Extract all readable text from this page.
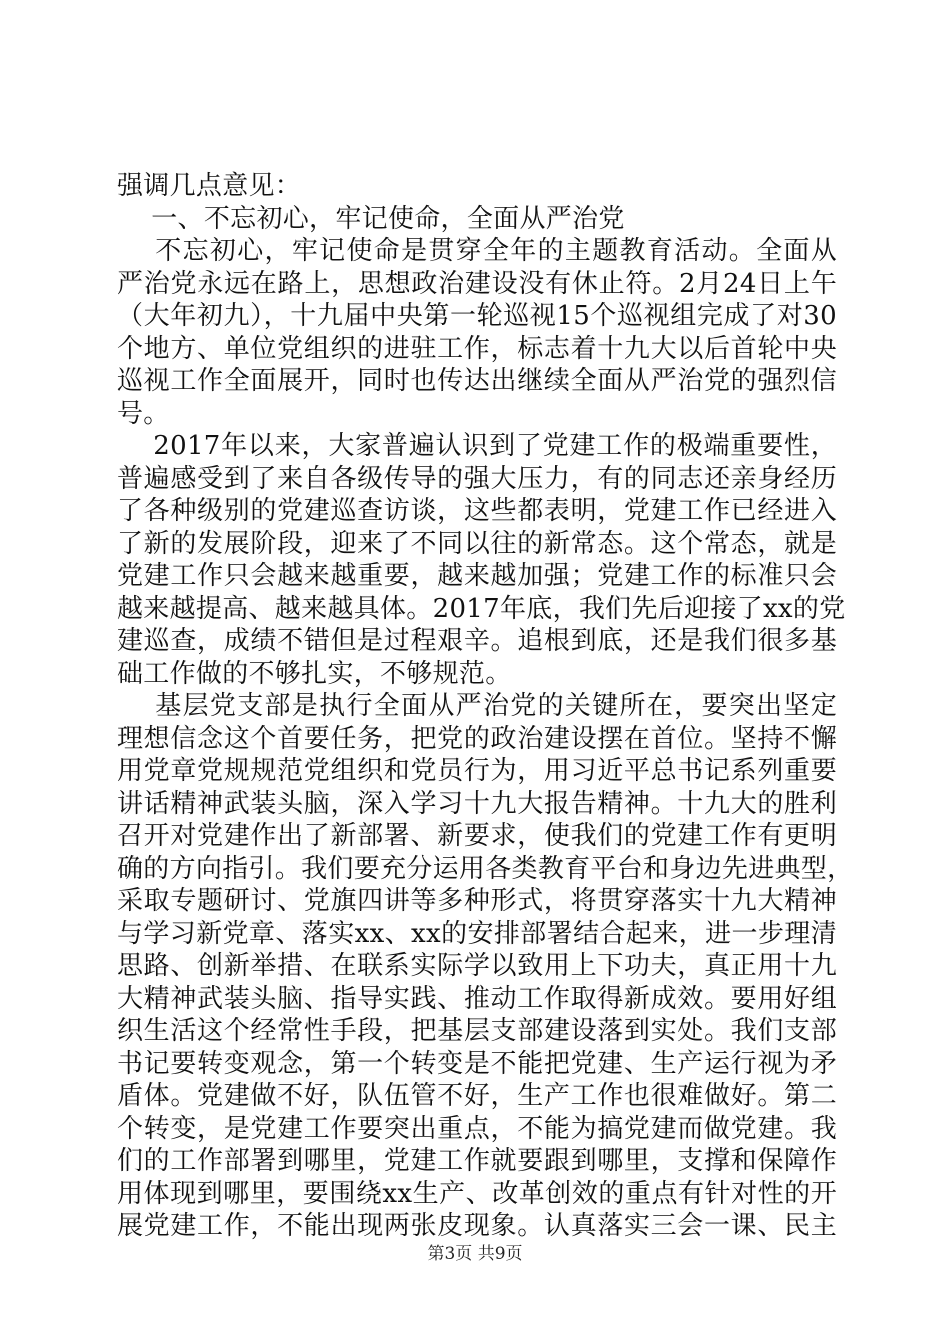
强调几点意见：
一、不忘初心，牢记使命，全面从严治党
不忘初心，牢记使命是贯穿全年的主题教育活动。全面从
严治党永远在路上，思想政治建设没有休止符。2月24日上午
（大年初九），十九届中央第一轮巡视15个巡视组完成了对30
个地方、单位党组织的进驻工作，标志着十九大以后首轮中央
巡视工作全面展开，同时也传达出继续全面从严治党的强烈信
号。
2017年以来，大家普遍认识到了党建工作的极端重要性，
普遍感受到了来自各级传导的强大压力，有的同志还亲身经历
了各种级别的党建巡查访谈，这些都表明，党建工作已经进入
了新的发展阶段，迎来了不同以往的新常态。这个常态，就是
党建工作只会越来越重要，越来越加强；党建工作的标准只会
越来越提高、越来越具体。2017年底，我们先后迎接了xx的党
建巡查，成绩不错但是过程艰辛。追根到底，还是我们很多基
础工作做的不够扎实，不够规范。
基层党支部是执行全面从严治党的关键所在，要突出坚定
理想信念这个首要任务，把党的政治建设摆在首位。坚持不懈
用党章党规规范党组织和党员行为，用习近平总书记系列重要
讲话精神武装头脑，深入学习十九大报告精神。十九大的胜利
召开对党建作出了新部署、新要求，使我们的党建工作有更明
确的方向指引。我们要充分运用各类教育平台和身边先进典型，
采取专题研讨、党旗四讲等多种形式，将贯穿落实十九大精神
与学习新党章、落实xx、xx的安排部署结合起来，进一步理清
思路、创新举措、在联系实际学以致用上下功夫，真正用十九
大精神武装头脑、指导实践、推动工作取得新成效。要用好组
织生活这个经常性手段，把基层支部建设落到实处。我们支部
书记要转变观念，第一个转变是不能把党建、生产运行视为矛
盾体。党建做不好，队伍管不好，生产工作也很难做好。第二
个转变，是党建工作要突出重点，不能为搞党建而做党建。我
们的工作部署到哪里，党建工作就要跟到哪里，支撑和保障作
用体现到哪里，要围绕xx生产、改革创效的重点有针对性的开
展党建工作，不能出现两张皮现象。认真落实三会一课、民主
第3页 共9页
